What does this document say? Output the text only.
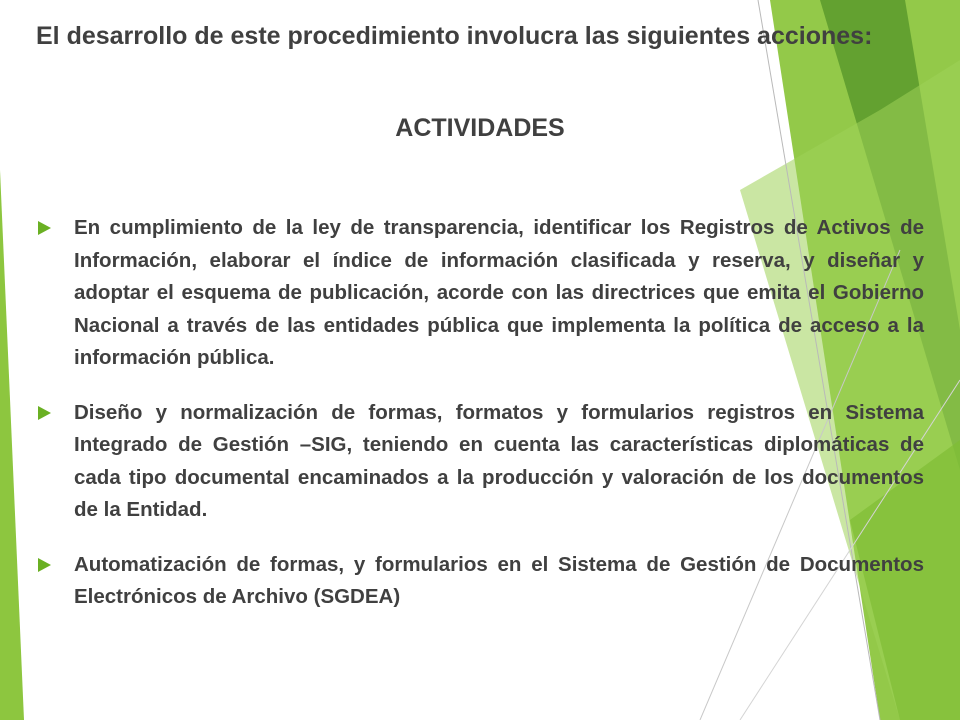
El desarrollo de este procedimiento involucra las siguientes acciones:

ACTIVIDADES
En cumplimiento de la ley de transparencia, identificar los Registros de Activos de Información, elaborar el índice de información clasificada y reserva, y diseñar y adoptar el esquema de publicación, acorde con las directrices que emita el Gobierno Nacional a través de las entidades pública que implementa la política de acceso a la información pública.
Diseño y normalización de formas, formatos y formularios registros en Sistema Integrado de Gestión –SIG, teniendo en cuenta las características diplomáticas de cada tipo documental encaminados a la producción y valoración de los documentos de la Entidad.
Automatización de formas, y formularios en el Sistema de Gestión de Documentos Electrónicos de Archivo (SGDEA)
